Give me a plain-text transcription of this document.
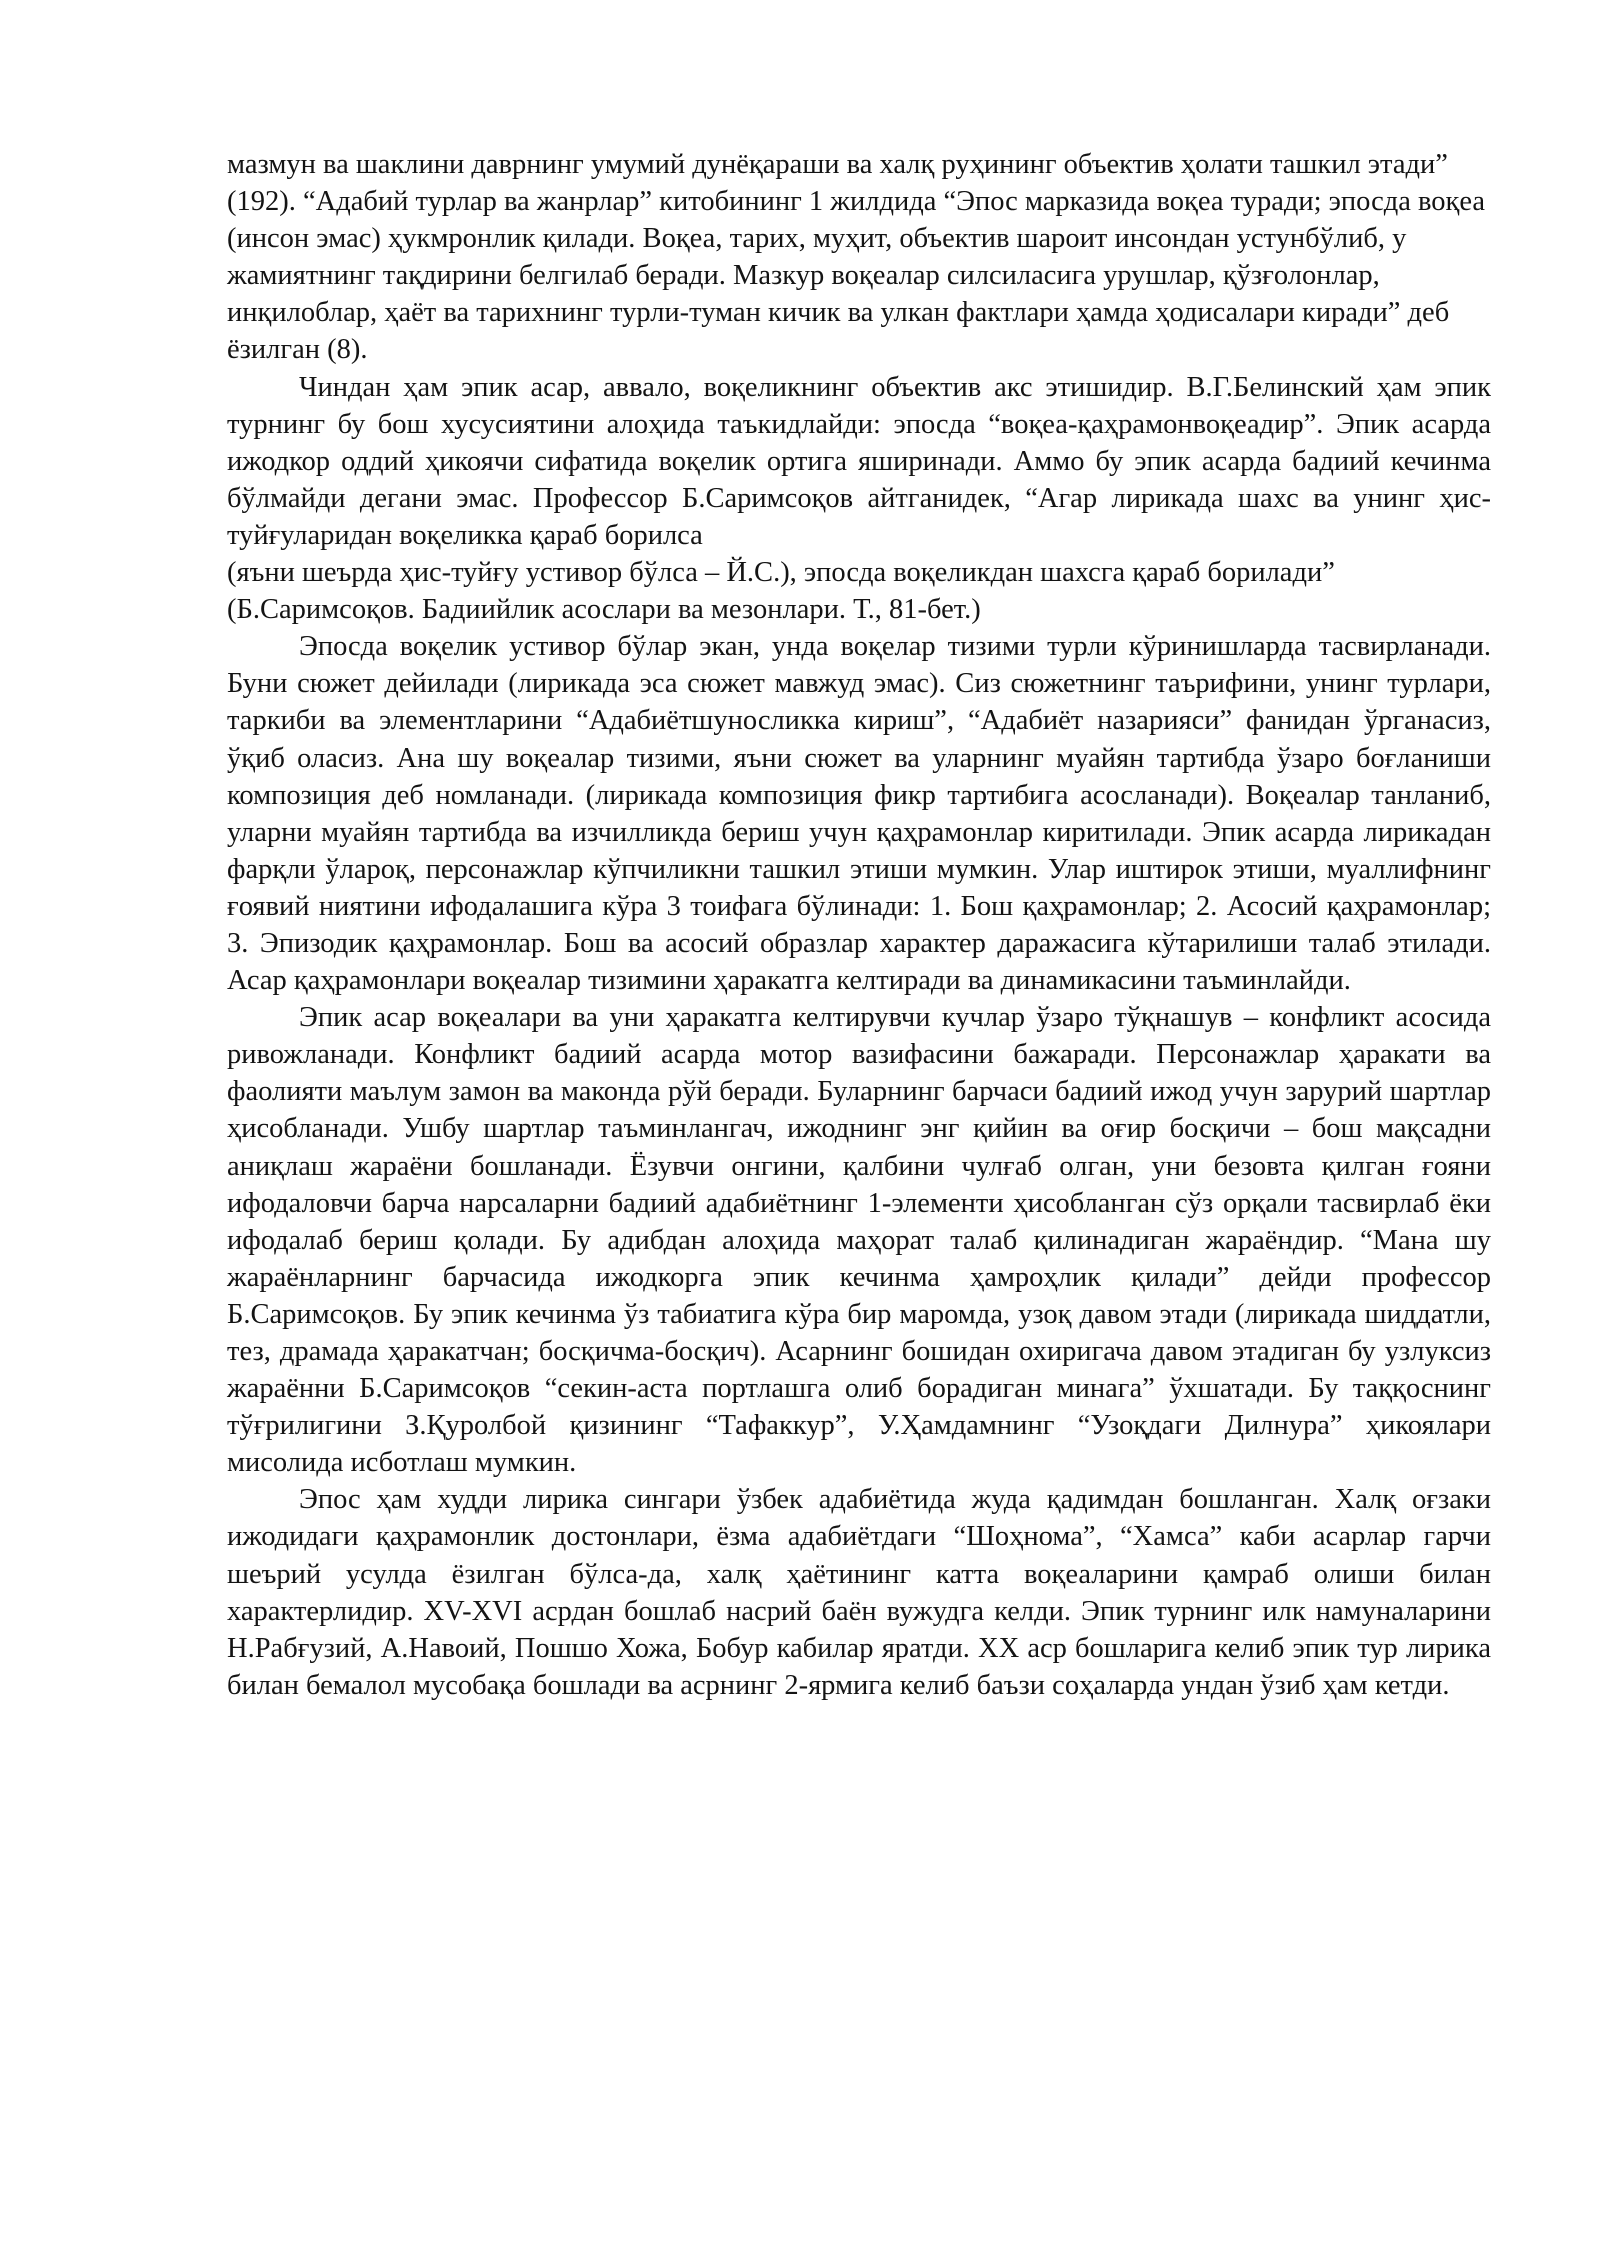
мазмун ва шаклини даврнинг умумий дунёқараши ва халқ руҳининг объектив ҳолати ташкил этади” (192). “Адабий турлар ва жанрлар” китобининг 1 жилдида “Эпос марказида воқеа туради; эпосда воқеа (инсон эмас) ҳукмронлик қилади. Воқеа, тарих, муҳит, объектив шароит инсондан устунбўлиб, у жамиятнинг тақдирини белгилаб беради. Мазкур воқеалар силсиласига урушлар, қўзғолонлар, инқилоблар, ҳаёт ва тарихнинг турли-туман кичик ва улкан фактлари ҳамда ҳодисалари киради” деб ёзилган (8).

Чиндан ҳам эпик асар, аввало, воқеликнинг объектив акс этишидир. В.Г.Белинский ҳам эпик турнинг бу бош хусусиятини алоҳида таъкидлайди: эпосда “воқеа-қаҳрамонвоқеадир”. Эпик асарда ижодкор оддий ҳикоячи сифатида воқелик ортига яширинади. Аммо бу эпик асарда бадиий кечинма бўлмайди дегани эмас. Профессор Б.Саримсоқов айтганидек, “Агар лирикада шахс ва унинг ҳис-туйғуларидан воқеликка қараб борилса

(яъни шеърда ҳис-туйғу устивор бўлса – Й.С.), эпосда воқеликдан шахсга қараб борилади” (Б.Саримсоқов. Бадиийлик асослари ва мезонлари. Т., 81-бет.)

Эпосда воқелик устивор бўлар экан, унда воқелар тизими турли кўринишларда тасвирланади. Буни сюжет дейилади (лирикада эса сюжет мавжуд эмас). Сиз сюжетнинг таърифини, унинг турлари, таркиби ва элементларини “Адабиётшуносликка кириш”, “Адабиёт назарияси” фанидан ўрганасиз, ўқиб оласиз. Ана шу воқеалар тизими, яъни сюжет ва уларнинг муайян тартибда ўзаро боғланиши композиция деб номланади. (лирикада композиция фикр тартибига асосланади). Воқеалар танланиб, уларни муайян тартибда ва изчилликда бериш учун қаҳрамонлар киритилади. Эпик асарда лирикадан фарқли ўлароқ, персонажлар кўпчиликни ташкил этиши мумкин. Улар иштирок этиши, муаллифнинг ғоявий ниятини ифодалашига кўра 3 тоифага бўлинади: 1. Бош қаҳрамонлар; 2. Асосий қаҳрамонлар; 3. Эпизодик қаҳрамонлар. Бош ва асосий образлар характер даражасига кўтарилиши талаб этилади. Асар қаҳрамонлари воқеалар тизимини ҳаракатга келтиради ва динамикасини таъминлайди.

Эпик асар воқеалари ва уни ҳаракатга келтирувчи кучлар ўзаро тўқнашув – конфликт асосида ривожланади. Конфликт бадиий асарда мотор вазифасини бажаради. Персонажлар ҳаракати ва фаолияти маълум замон ва маконда рўй беради. Буларнинг барчаси бадиий ижод учун зарурий шартлар ҳисобланади. Ушбу шартлар таъминлангач, ижоднинг энг қийин ва оғир босқичи – бош мақсадни аниқлаш жараёни бошланади. Ёзувчи онгини, қалбини чулғаб олган, уни безовта қилган ғояни ифодаловчи барча нарсаларни бадиий адабиётнинг 1-элементи ҳисобланган сўз орқали тасвирлаб ёки ифодалаб бериш қолади. Бу адибдан алоҳида маҳорат талаб қилинадиган жараёндир. “Мана шу жараёнларнинг барчасида ижодкорга эпик кечинма ҳамроҳлик қилади” дейди профессор Б.Саримсоқов. Бу эпик кечинма ўз табиатига кўра бир маромда, узоқ давом этади (лирикада шиддатли, тез, драмада ҳаракатчан; босқичма-босқич). Асарнинг бошидан охиригача давом этадиган бу узлуксиз жараённи Б.Саримсоқов “секин-аста портлашга олиб борадиган минага” ўхшатади. Бу таққоснинг тўғрилигини З.Қуролбой қизининг “Тафаккур”, У.Ҳамдамнинг “Узоқдаги Дилнура” ҳикоялари мисолида исботлаш мумкин.

Эпос ҳам худди лирика сингари ўзбек адабиётида жуда қадимдан бошланган. Халқ оғзаки ижодидаги қаҳрамонлик достонлари, ёзма адабиётдаги “Шоҳнома”, “Хамса” каби асарлар гарчи шеърий усулда ёзилган бўлса-да, халқ ҳаётининг катта воқеаларини қамраб олиши билан характерлидир. XV-XVI асрдан бошлаб насрий баён вужудга келди. Эпик турнинг илк намуналарини Н.Рабғузий, А.Навоий, Пошшо Хожа, Бобур кабилар яратди. XX аср бошларига келиб эпик тур лирика билан бемалол мусобақа бошлади ва асрнинг 2-ярмига келиб баъзи соҳаларда ундан ўзиб ҳам кетди.
